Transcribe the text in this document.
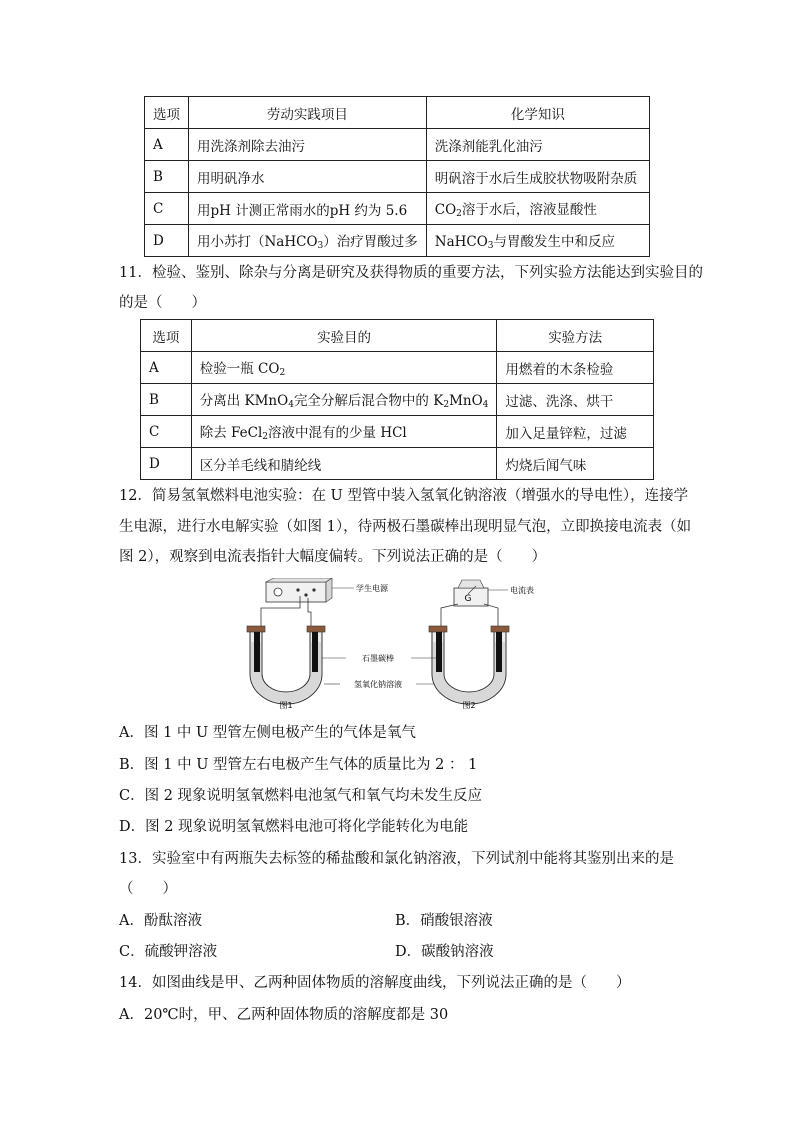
选项	劳动实践项目	化学知识
A	用洗涤剂除去油污	洗涤剂能乳化油污
B	用明矾净水	明矾溶于水后生成胶状物吸附杂质
C	用pH 计测正常雨水的pH 约为 5.6	$CO_2$溶于水后，溶液显酸性
D	用小苏打（NaHCO$_3$）治疗胃酸过多	NaHCO$_3$与胃酸发生中和反应
11．检验、鉴别、除杂与分离是研究及获得物质的重要方法，下列实验方法能达到实验目的
的是（　　）
选项	实验目的	实验方法
A	检验一瓶 $CO_2$	用燃着的木条检验
B	分离出 KMnO$_4$完全分解后混合物中的 $K_2MnO_4$	过滤、洗涤、烘干
C	除去 FeCl$_2$溶液中混有的少量 HCl	加入足量锌粒，过滤
D	区分羊毛线和腈纶线	灼烧后闻气味
12．简易氢氧燃料电池实验：在 U 型管中装入氢氧化钠溶液（增强水的导电性），连接学
生电源，进行水电解实验（如图 1），待两极石墨碳棒出现明显气泡，立即换接电流表（如
图 2），观察到电流表指针大幅度偏转。下列说法正确的是（　　）
学生电源
G
电流表
石墨碳棒
氢氧化钠溶液
图1	图2
A．图 1 中 U 型管左侧电极产生的气体是氧气
B．图 1 中 U 型管左右电极产生气体的质量比为 2 ： 1
C．图 2 现象说明氢氧燃料电池氢气和氧气均未发生反应
D．图 2 现象说明氢氧燃料电池可将化学能转化为电能
13．实验室中有两瓶失去标签的稀盐酸和氯化钠溶液，下列试剂中能将其鉴别出来的是
（　　）
A．酚酞溶液	B．硝酸银溶液
C．硫酸钾溶液	D．碳酸钠溶液
14．如图曲线是甲、乙两种固体物质的溶解度曲线，下列说法正确的是（　　）
A．20℃时，甲、乙两种固体物质的溶解度都是 30
